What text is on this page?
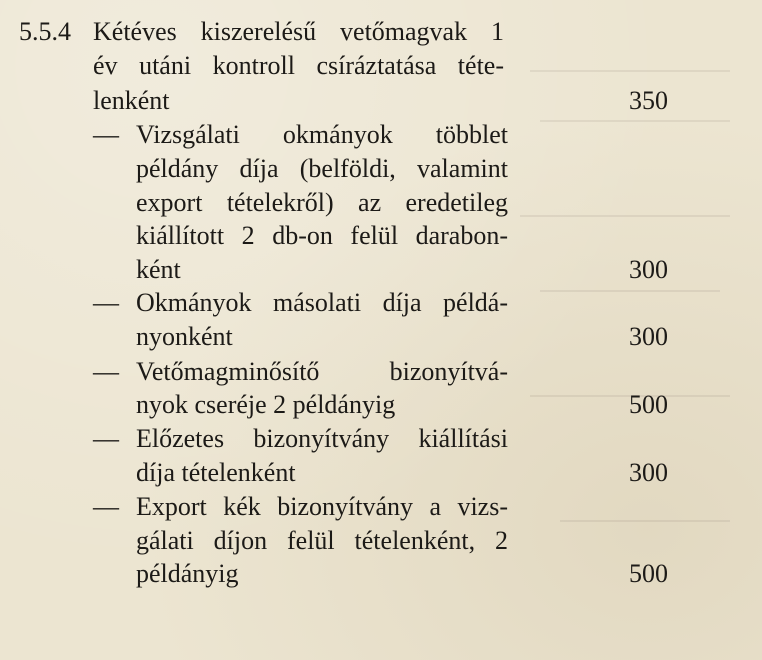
5.5.4 Kétéves kiszerelésű vetőmagvak 1
év utáni kontroll csíráztatása téte-
lenként	350
— Vizsgálati okmányok többlet
példány díja (belföldi, valamint
export tételekről) az eredetileg
kiállított 2 db-on felül darabon-
ként	300
— Okmányok másolati díja példá-
nyonként	300
— Vetőmagminősítő bizonyítvá-
nyok cseréje 2 példányig	500
— Előzetes bizonyítvány kiállítási
díja tételenként	300
— Export kék bizonyítvány a vizs-
gálati díjon felül tételenként, 2
példányig	500
